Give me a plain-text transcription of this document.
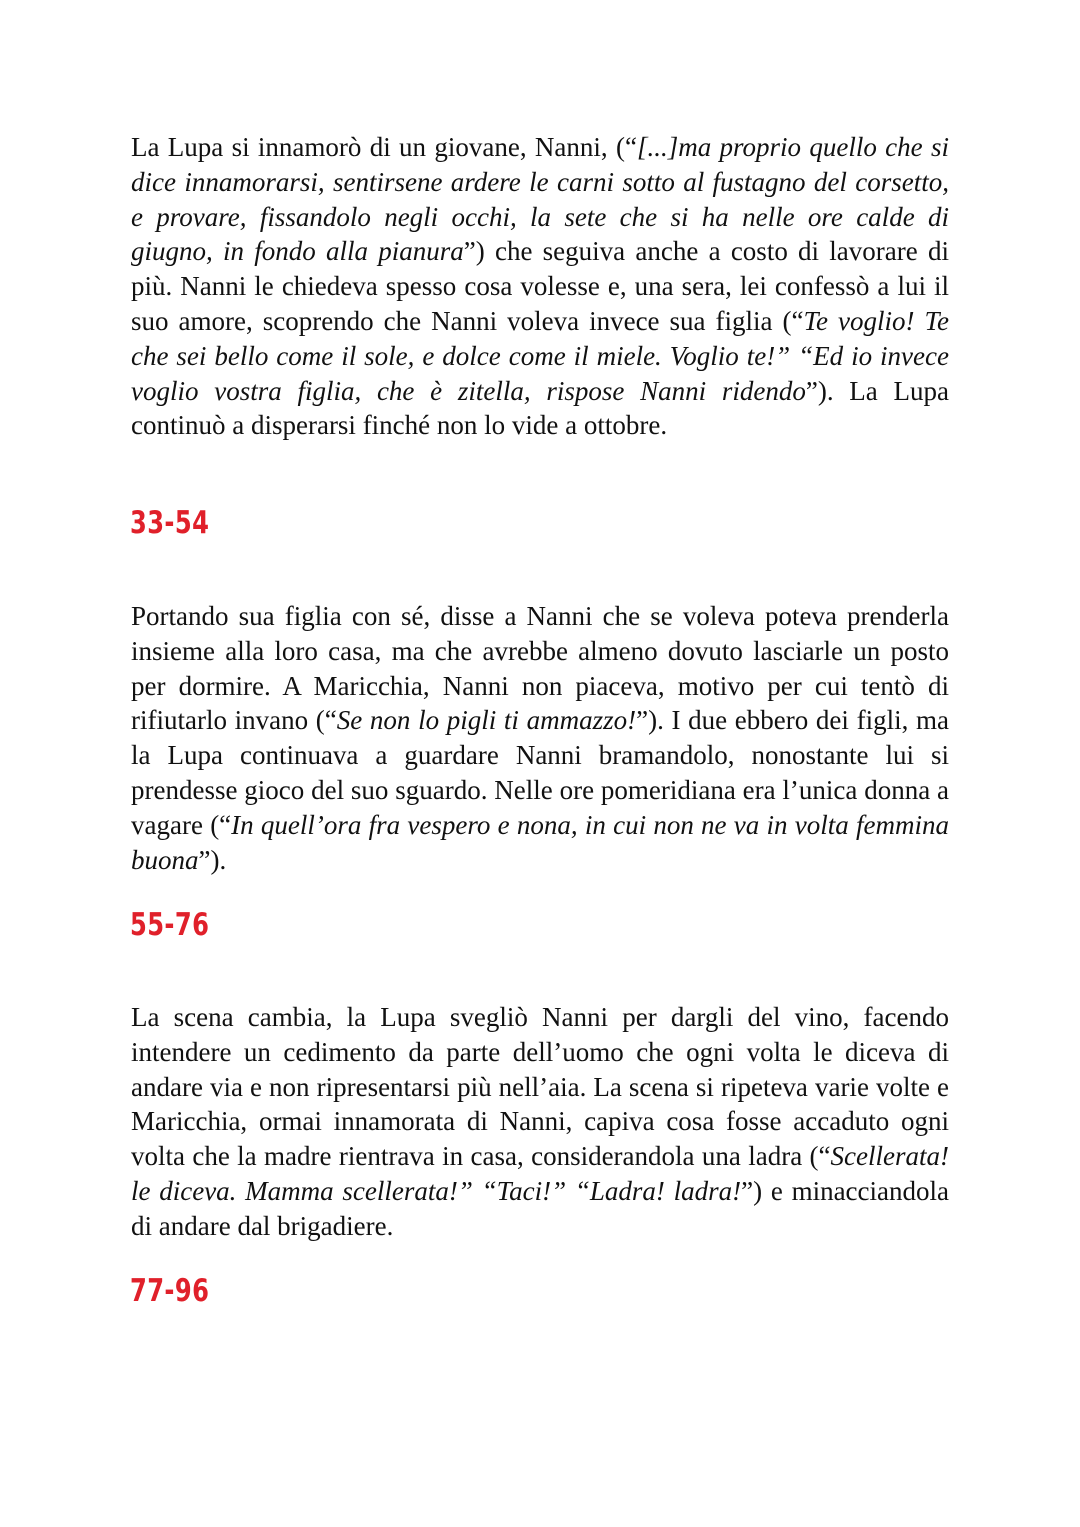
La Lupa si innamorò di un giovane, Nanni, (“[...]ma proprio quello che si dice innamorarsi, sentirsene ardere le carni sotto al fustagno del corsetto, e provare, fissandolo negli occhi, la sete che si ha nelle ore calde di giugno, in fondo alla pianura”) che seguiva anche a costo di lavorare di più. Nanni le chiedeva spesso cosa volesse e, una sera, lei confessò a lui il suo amore, scoprendo che Nanni voleva invece sua figlia (“Te voglio! Te che sei bello come il sole, e dolce come il miele. Voglio te!” “Ed io invece voglio vostra figlia, che è zitella, rispose Nanni ridendo”). La Lupa continuò a disperarsi finché non lo vide a ottobre.

33-54

Portando sua figlia con sé, disse a Nanni che se voleva poteva prenderla insieme alla loro casa, ma che avrebbe almeno dovuto lasciarle un posto per dormire. A Maricchia, Nanni non piaceva, motivo per cui tentò di rifiutarlo invano (“Se non lo pigli ti ammazzo!”). I due ebbero dei figli, ma la Lupa continuava a guardare Nanni bramandolo, nonostante lui si prendesse gioco del suo sguardo. Nelle ore pomeridiana era l’unica donna a vagare (“In quell’ora fra vespero e nona, in cui non ne va in volta femmina buona”).

55-76

La scena cambia, la Lupa svegliò Nanni per dargli del vino, facendo intendere un cedimento da parte dell’uomo che ogni volta le diceva di andare via e non ripresentarsi più nell’aia. La scena si ripeteva varie volte e Maricchia, ormai innamorata di Nanni, capiva cosa fosse accaduto ogni volta che la madre rientrava in casa, considerandola una ladra (“Scellerata! le diceva. Mamma scellerata!” “Taci!” “Ladra! ladra!”) e minacciandola di andare dal brigadiere.

77-96
